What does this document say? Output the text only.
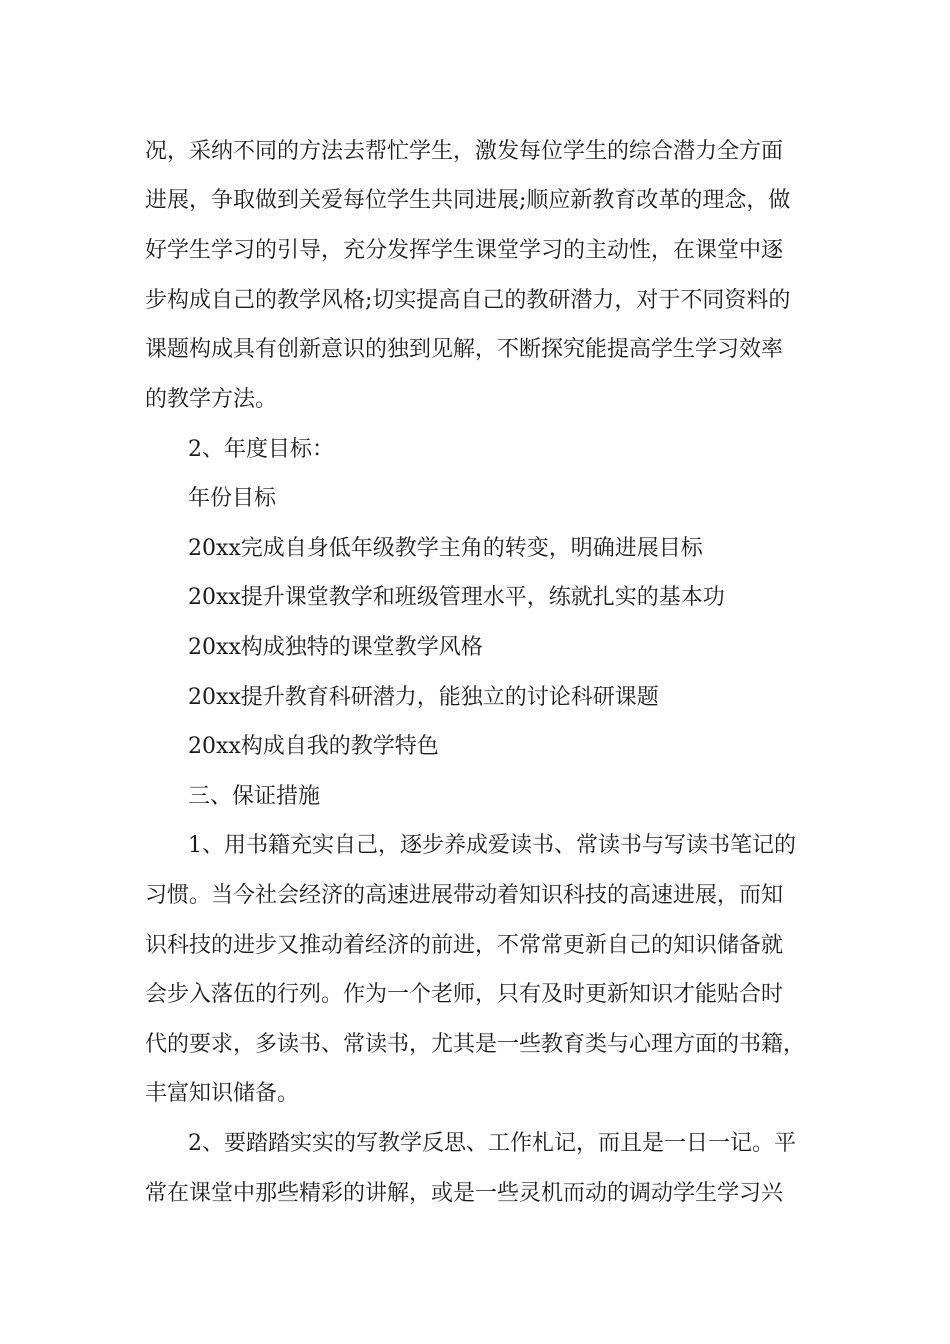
况，采纳不同的方法去帮忙学生，激发每位学生的综合潜力全方面
进展，争取做到关爱每位学生共同进展;顺应新教育改革的理念，做
好学生学习的引导，充分发挥学生课堂学习的主动性，在课堂中逐
步构成自己的教学风格;切实提高自己的教研潜力，对于不同资料的
课题构成具有创新意识的独到见解，不断探究能提高学生学习效率
的教学方法。
2、年度目标：
年份目标
20xx完成自身低年级教学主角的转变，明确进展目标
20xx提升课堂教学和班级管理水平，练就扎实的基本功
20xx构成独特的课堂教学风格
20xx提升教育科研潜力，能独立的讨论科研课题
20xx构成自我的教学特色
三、保证措施
1、用书籍充实自己，逐步养成爱读书、常读书与写读书笔记的
习惯。当今社会经济的高速进展带动着知识科技的高速进展，而知
识科技的进步又推动着经济的前进，不常常更新自己的知识储备就
会步入落伍的行列。作为一个老师，只有及时更新知识才能贴合时
代的要求，多读书、常读书，尤其是一些教育类与心理方面的书籍，
丰富知识储备。
2、要踏踏实实的写教学反思、工作札记，而且是一日一记。平
常在课堂中那些精彩的讲解，或是一些灵机而动的调动学生学习兴
